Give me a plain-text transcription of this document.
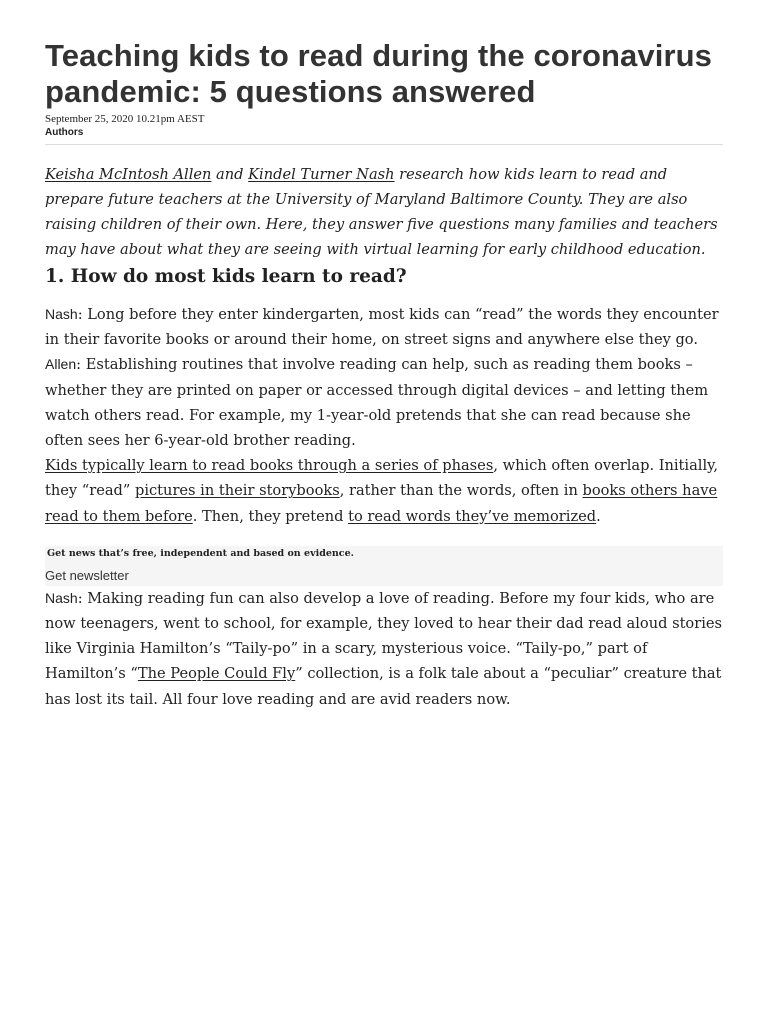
Teaching kids to read during the coronavirus pandemic: 5 questions answered
September 25, 2020 10.21pm AEST
Authors

Keisha McIntosh Allen and Kindel Turner Nash research how kids learn to read and prepare future teachers at the University of Maryland Baltimore County. They are also raising children of their own. Here, they answer five questions many families and teachers may have about what they are seeing with virtual learning for early childhood education.

1. How do most kids learn to read?

Nash: Long before they enter kindergarten, most kids can “read” the words they encounter in their favorite books or around their home, on street signs and anywhere else they go.

Allen: Establishing routines that involve reading can help, such as reading them books – whether they are printed on paper or accessed through digital devices – and letting them watch others read. For example, my 1-year-old pretends that she can read because she often sees her 6-year-old brother reading.

Kids typically learn to read books through a series of phases, which often overlap. Initially, they “read” pictures in their storybooks, rather than the words, often in books others have read to them before. Then, they pretend to read words they’ve memorized.

Get news that’s free, independent and based on evidence.
Get newsletter

Nash: Making reading fun can also develop a love of reading. Before my four kids, who are now teenagers, went to school, for example, they loved to hear their dad read aloud stories like Virginia Hamilton’s “Taily-po” in a scary, mysterious voice. “Taily-po,” part of Hamilton’s “The People Could Fly” collection, is a folk tale about a “peculiar” creature that has lost its tail. All four love reading and are avid readers now.
